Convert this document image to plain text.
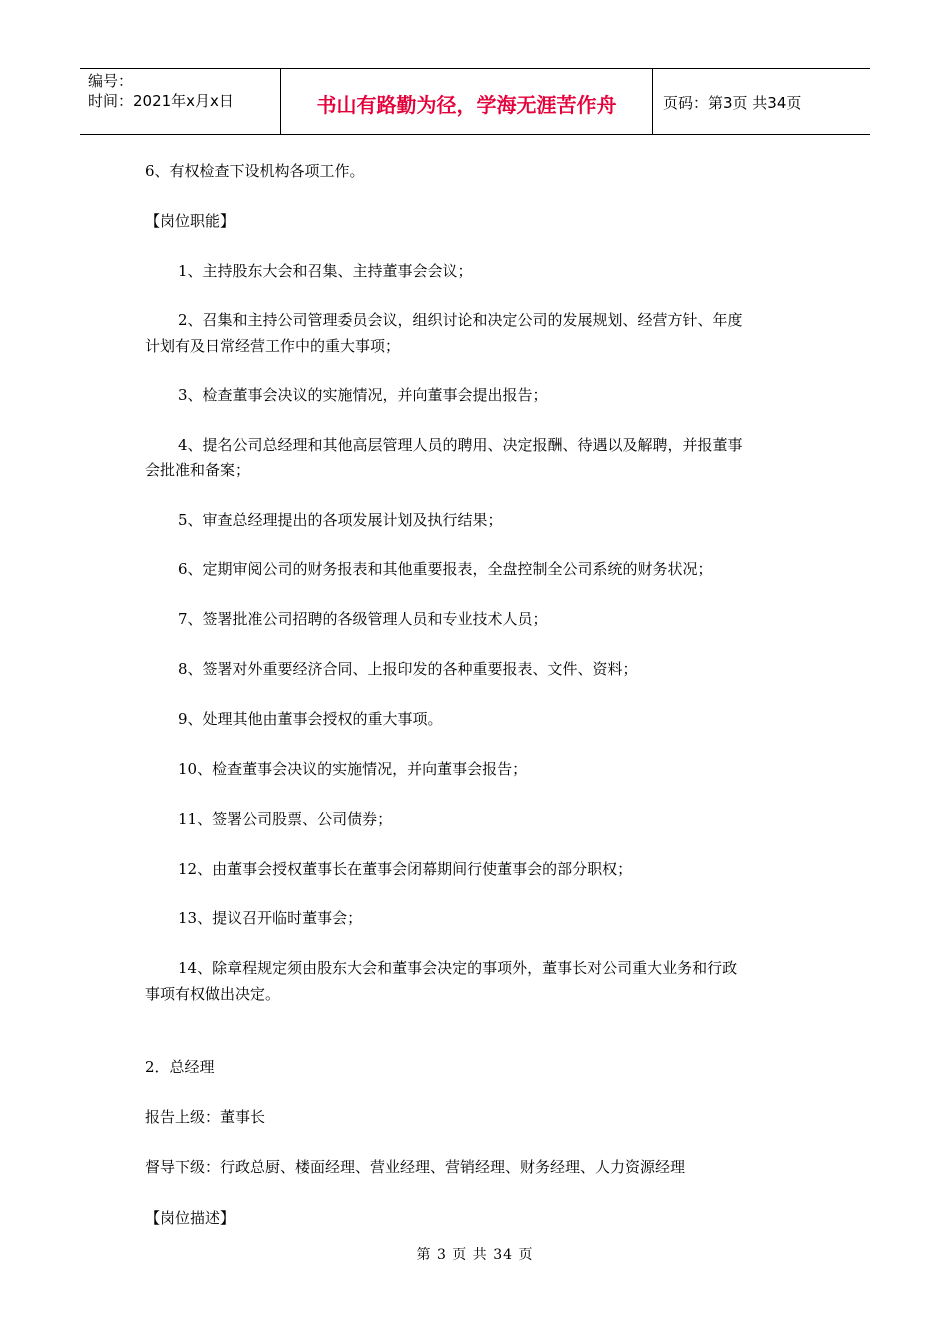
编号：
时间：2021年x月x日	书山有路勤为径，学海无涯苦作舟	页码：第3页 共34页
6、有权检查下设机构各项工作。
【岗位职能】
1、主持股东大会和召集、主持董事会会议；
2、召集和主持公司管理委员会议，组织讨论和决定公司的发展规划、经营方针、年度
计划有及日常经营工作中的重大事项；
3、检查董事会决议的实施情况，并向董事会提出报告；
4、提名公司总经理和其他高层管理人员的聘用、决定报酬、待遇以及解聘，并报董事
会批准和备案；
5、审查总经理提出的各项发展计划及执行结果；
6、定期审阅公司的财务报表和其他重要报表，全盘控制全公司系统的财务状况；
7、签署批准公司招聘的各级管理人员和专业技术人员；
8、签署对外重要经济合同、上报印发的各种重要报表、文件、资料；
9、处理其他由董事会授权的重大事项。
10、检查董事会决议的实施情况，并向董事会报告；
11、签署公司股票、公司债券；
12、由董事会授权董事长在董事会闭幕期间行使董事会的部分职权；
13、提议召开临时董事会；
14、除章程规定须由股东大会和董事会决定的事项外，董事长对公司重大业务和行政
事项有权做出决定。
2．总经理
报告上级：董事长
督导下级：行政总厨、楼面经理、营业经理、营销经理、财务经理、人力资源经理
【岗位描述】
第 3 页 共 34 页
